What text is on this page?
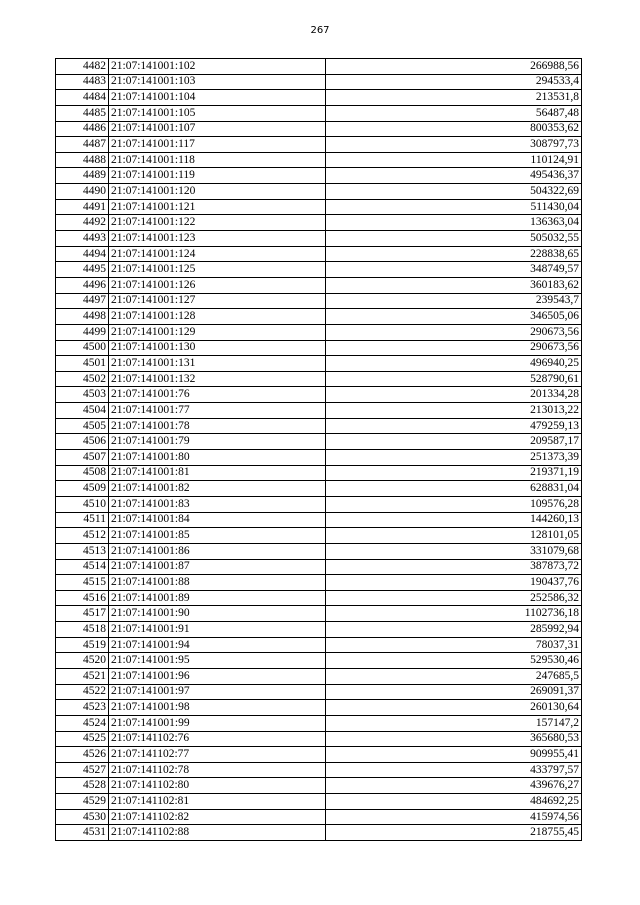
267
4482	21:07:141001:102	266988,56
4483	21:07:141001:103	294533,4
4484	21:07:141001:104	213531,8
4485	21:07:141001:105	56487,48
4486	21:07:141001:107	800353,62
4487	21:07:141001:117	308797,73
4488	21:07:141001:118	110124,91
4489	21:07:141001:119	495436,37
4490	21:07:141001:120	504322,69
4491	21:07:141001:121	511430,04
4492	21:07:141001:122	136363,04
4493	21:07:141001:123	505032,55
4494	21:07:141001:124	228838,65
4495	21:07:141001:125	348749,57
4496	21:07:141001:126	360183,62
4497	21:07:141001:127	239543,7
4498	21:07:141001:128	346505,06
4499	21:07:141001:129	290673,56
4500	21:07:141001:130	290673,56
4501	21:07:141001:131	496940,25
4502	21:07:141001:132	528790,61
4503	21:07:141001:76	201334,28
4504	21:07:141001:77	213013,22
4505	21:07:141001:78	479259,13
4506	21:07:141001:79	209587,17
4507	21:07:141001:80	251373,39
4508	21:07:141001:81	219371,19
4509	21:07:141001:82	628831,04
4510	21:07:141001:83	109576,28
4511	21:07:141001:84	144260,13
4512	21:07:141001:85	128101,05
4513	21:07:141001:86	331079,68
4514	21:07:141001:87	387873,72
4515	21:07:141001:88	190437,76
4516	21:07:141001:89	252586,32
4517	21:07:141001:90	1102736,18
4518	21:07:141001:91	285992,94
4519	21:07:141001:94	78037,31
4520	21:07:141001:95	529530,46
4521	21:07:141001:96	247685,5
4522	21:07:141001:97	269091,37
4523	21:07:141001:98	260130,64
4524	21:07:141001:99	157147,2
4525	21:07:141102:76	365680,53
4526	21:07:141102:77	909955,41
4527	21:07:141102:78	433797,57
4528	21:07:141102:80	439676,27
4529	21:07:141102:81	484692,25
4530	21:07:141102:82	415974,56
4531	21:07:141102:88	218755,45
